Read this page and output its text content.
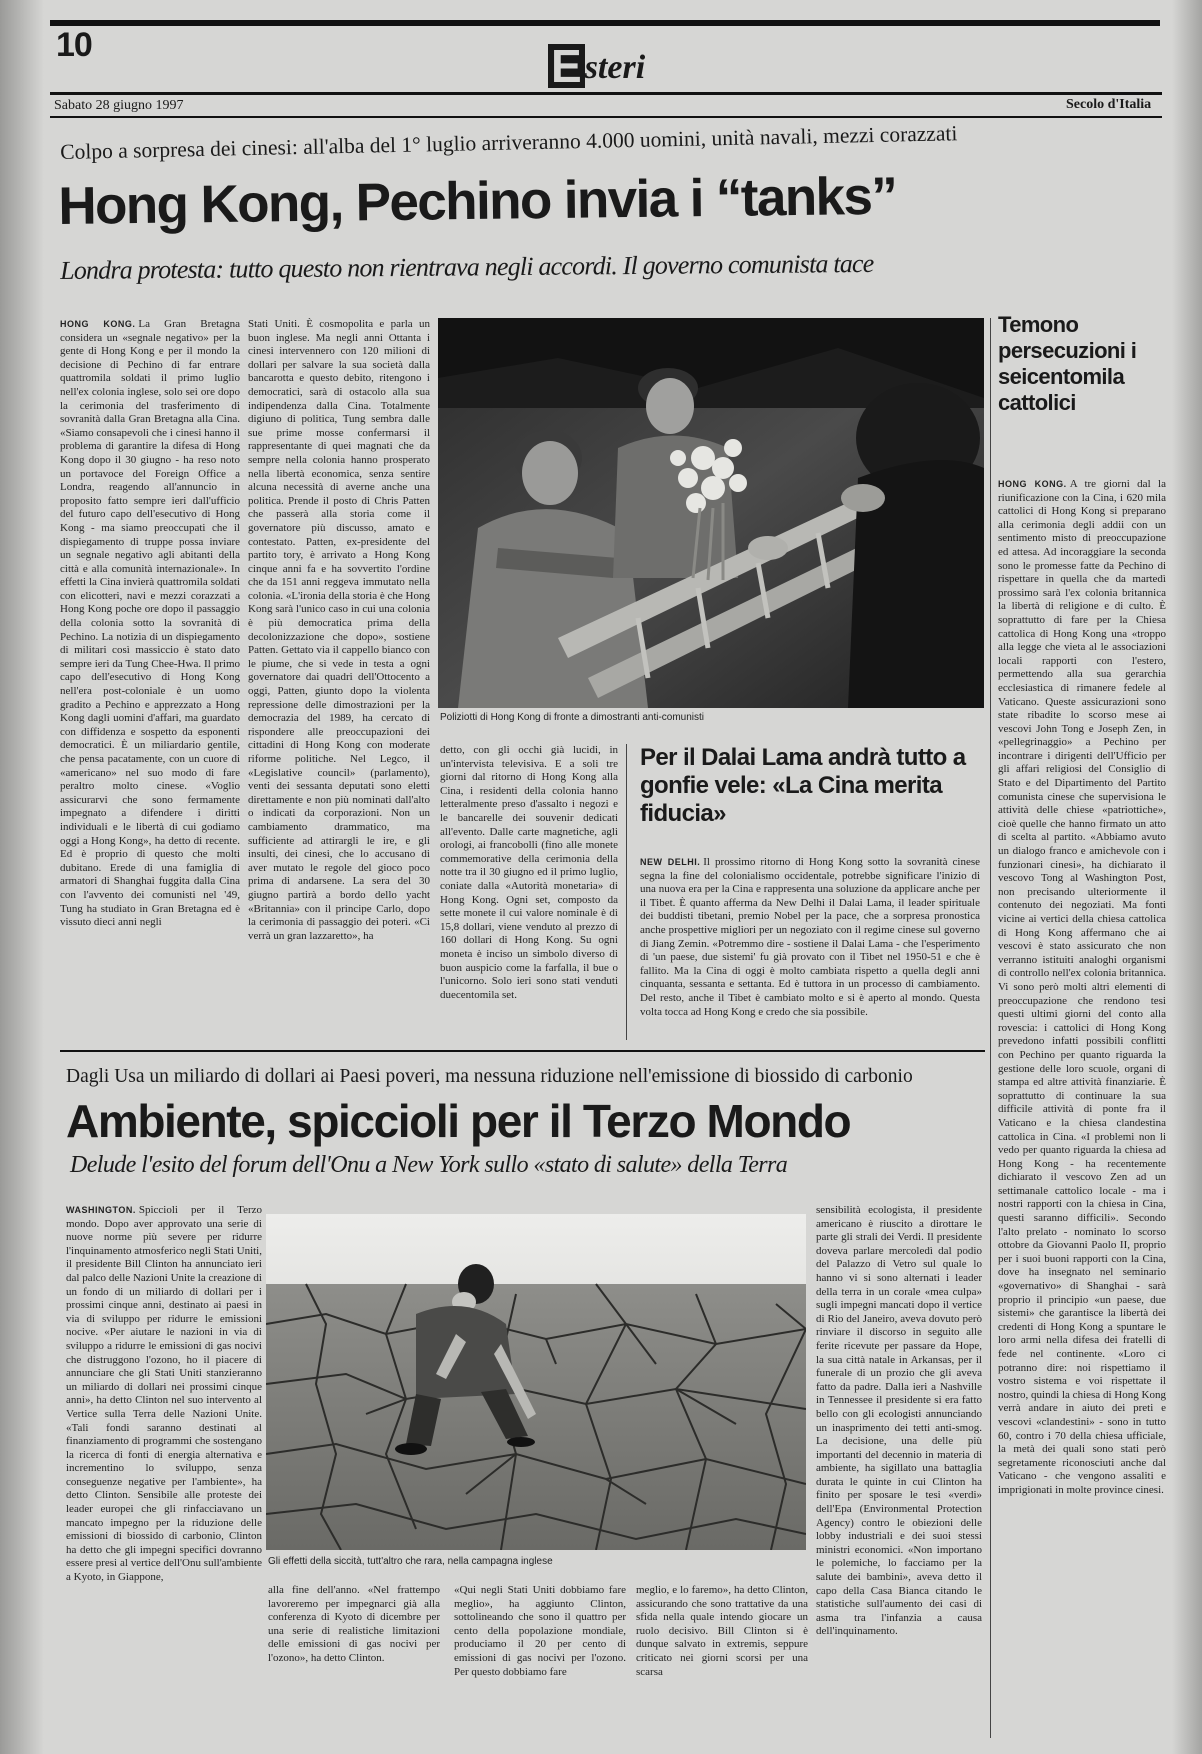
10	Esteri
Sabato 28 giugno 1997	Secolo d'Italia
Colpo a sorpresa dei cinesi: all'alba del 1° luglio arriveranno 4.000 uomini, unità navali, mezzi corazzati
Hong Kong, Pechino invia i “tanks”
Londra protesta: tutto questo non rientrava negli accordi. Il governo comunista tace

HONG KONG. La Gran Bretagna considera un «segnale negativo» per la gente di Hong Kong e per il mondo la decisione di Pechino di far entrare quattromila soldati il primo luglio nell'ex colonia inglese, solo sei ore dopo la cerimonia del trasferimento di sovranità dalla Gran Bretagna alla Cina. «Siamo consapevoli che i cinesi hanno il problema di garantire la difesa di Hong Kong dopo il 30 giugno - ha reso noto un portavoce del Foreign Office a Londra, reagendo all'annuncio in proposito fatto sempre ieri dall'ufficio del futuro capo dell'esecutivo di Hong Kong - ma siamo preoccupati che il dispiegamento di truppe possa inviare un segnale negativo agli abitanti della città e alla comunità internazionale». In effetti la Cina invierà quattromila soldati con elicotteri, navi e mezzi corazzati a Hong Kong poche ore dopo il passaggio della colonia sotto la sovranità di Pechino. La notizia di un dispiegamento di militari così massiccio è stato dato sempre ieri da Tung Chee-Hwa. Il primo capo dell'esecutivo di Hong Kong nell'era post-coloniale è un uomo gradito a Pechino e apprezzato a Hong Kong dagli uomini d'affari, ma guardato con diffidenza e sospetto da esponenti democratici. È un miliardario gentile, che pensa pacatamente, con un cuore di «americano» nel suo modo di fare peraltro molto cinese. «Voglio assicurarvi che sono fermamente impegnato a difendere i diritti individuali e le libertà di cui godiamo oggi a Hong Kong», ha detto di recente. Ed è proprio di questo che molti dubitano. Erede di una famiglia di armatori di Shanghai fuggita dalla Cina con l'avvento dei comunisti nel '49, Tung ha studiato in Gran Bretagna ed è vissuto dieci anni negli

Stati Uniti. È cosmopolita e parla un buon inglese. Ma negli anni Ottanta i cinesi intervennero con 120 milioni di dollari per salvare la sua società dalla bancarotta e questo debito, ritengono i democratici, sarà di ostacolo alla sua indipendenza dalla Cina. Totalmente digiuno di politica, Tung sembra dalle sue prime mosse confermarsi il rappresentante di quei magnati che da sempre nella colonia hanno prosperato nella libertà economica, senza sentire alcuna necessità di averne anche una politica. Prende il posto di Chris Patten che passerà alla storia come il governatore più discusso, amato e contestato. Patten, ex-presidente del partito tory, è arrivato a Hong Kong cinque anni fa e ha sovvertito l'ordine che da 151 anni reggeva immutato nella colonia. «L'ironia della storia è che Hong Kong sarà l'unico caso in cui una colonia è più democratica prima della decolonizzazione che dopo», sostiene Patten. Gettato via il cappello bianco con le piume, che si vede in testa a ogni governatore dai quadri dell'Ottocento a oggi, Patten, giunto dopo la violenta repressione delle dimostrazioni per la democrazia del 1989, ha cercato di rispondere alle preoccupazioni dei cittadini di Hong Kong con moderate riforme politiche. Nel Legco, il «Legislative council» (parlamento), venti dei sessanta deputati sono eletti direttamente e non più nominati dall'alto o indicati da corporazioni. Non un cambiamento drammatico, ma sufficiente ad attirargli le ire, e gli insulti, dei cinesi, che lo accusano di aver mutato le regole del gioco poco prima di andarsene. La sera del 30 giugno partirà a bordo dello yacht «Britannia» con il principe Carlo, dopo la cerimonia di passaggio dei poteri. «Ci verrà un gran lazzaretto», ha

Poliziotti di Hong Kong di fronte a dimostranti anti-comunisti

detto, con gli occhi già lucidi, in un'intervista televisiva. E a soli tre giorni dal ritorno di Hong Kong alla Cina, i residenti della colonia hanno letteralmente preso d'assalto i negozi e le bancarelle dei souvenir dedicati all'evento. Dalle carte magnetiche, agli orologi, ai francobolli (fino alle monete commemorative della cerimonia della notte tra il 30 giugno ed il primo luglio, coniate dalla «Autorità monetaria» di Hong Kong. Ogni set, composto da sette monete il cui valore nominale è di 15,8 dollari, viene venduto al prezzo di 160 dollari di Hong Kong. Su ogni moneta è inciso un simbolo diverso di buon auspicio come la farfalla, il bue o l'unicorno. Solo ieri sono stati venduti duecentomila set.

Per il Dalai Lama andrà tutto a gonfie vele: «La Cina merita fiducia»

NEW DELHI. Il prossimo ritorno di Hong Kong sotto la sovranità cinese segna la fine del colonialismo occidentale, potrebbe significare l'inizio di una nuova era per la Cina e rappresenta una soluzione da applicare anche per il Tibet. È quanto afferma da New Delhi il Dalai Lama, il leader spirituale dei buddisti tibetani, premio Nobel per la pace, che a sorpresa pronostica anche prospettive migliori per un negoziato con il regime cinese sul governo di Jiang Zemin. «Potremmo dire - sostiene il Dalai Lama - che l'esperimento di 'un paese, due sistemi' fu già provato con il Tibet nel 1950-51 e che è fallito. Ma la Cina di oggi è molto cambiata rispetto a quella degli anni cinquanta, sessanta e settanta. Ed è tuttora in un processo di cambiamento. Del resto, anche il Tibet è cambiato molto e si è aperto al mondo. Questa volta tocca ad Hong Kong e credo che sia possibile.

Temono persecuzioni i seicentomila cattolici

HONG KONG. A tre giorni dal la riunificazione con la Cina, i 620 mila cattolici di Hong Kong si preparano alla cerimonia degli addii con un sentimento misto di preoccupazione ed attesa. Ad incoraggiare la seconda sono le promesse fatte da Pechino di rispettare in quella che da martedì prossimo sarà l'ex colonia britannica la libertà di religione e di culto. È soprattutto di fare per la Chiesa cattolica di Hong Kong una «troppo alla legge che vieta al le associazioni locali rapporti con l'estero, permettendo alla sua gerarchia ecclesiastica di rimanere fedele al Vaticano. Queste assicurazioni sono state ribadite lo scorso mese ai vescovi John Tong e Joseph Zen, in «pellegrinaggio» a Pechino per incontrare i dirigenti dell'Ufficio per gli affari religiosi del Consiglio di Stato e del Dipartimento del Partito comunista cinese che supervisiona le attività delle chiese «patriottiche», cioè quelle che hanno firmato un atto di scelta al partito. «Abbiamo avuto un dialogo franco e amichevole con i funzionari cinesi», ha dichiarato il vescovo Tong al Washington Post, non precisando ulteriormente il contenuto dei negoziati. Ma fonti vicine ai vertici della chiesa cattolica di Hong Kong affermano che ai vescovi è stato assicurato che non verranno istituiti analoghi organismi di controllo nell'ex colonia britannica. Vi sono però molti altri elementi di preoccupazione che rendono tesi questi ultimi giorni del conto alla rovescia: i cattolici di Hong Kong prevedono infatti possibili conflitti con Pechino per quanto riguarda la gestione delle loro scuole, organi di stampa ed altre attività finanziarie. È soprattutto di continuare la sua difficile attività di ponte fra il Vaticano e la chiesa clandestina cattolica in Cina. «I problemi non li vedo per quanto riguarda la chiesa ad Hong Kong - ha recentemente dichiarato il vescovo Zen ad un settimanale cattolico locale - ma i nostri rapporti con la chiesa in Cina, questi saranno difficili». Secondo l'alto prelato - nominato lo scorso ottobre da Giovanni Paolo II, proprio per i suoi buoni rapporti con la Cina, dove ha insegnato nel seminario «governativo» di Shanghai - sarà proprio il principio «un paese, due sistemi» che garantisce la libertà dei credenti di Hong Kong a spuntare le loro armi nella difesa dei fratelli di fede nel continente. «Loro ci potranno dire: noi rispettiamo il vostro sistema e voi rispettate il nostro, quindi la chiesa di Hong Kong verrà andare in aiuto dei preti e vescovi «clandestini» - sono in tutto 60, contro i 70 della chiesa ufficiale, la metà dei quali sono stati però segretamente riconosciuti anche dal Vaticano - che vengono assaliti e imprigionati in molte province cinesi.

Dagli Usa un miliardo di dollari ai Paesi poveri, ma nessuna riduzione nell'emissione di biossido di carbonio
Ambiente, spiccioli per il Terzo Mondo
Delude l'esito del forum dell'Onu a New York sullo «stato di salute» della Terra

WASHINGTON. Spiccioli per il Terzo mondo. Dopo aver approvato una serie di nuove norme più severe per ridurre l'inquinamento atmosferico negli Stati Uniti, il presidente Bill Clinton ha annunciato ieri dal palco delle Nazioni Unite la creazione di un fondo di un miliardo di dollari per i prossimi cinque anni, destinato ai paesi in via di sviluppo per ridurre le emissioni nocive. «Per aiutare le nazioni in via di sviluppo a ridurre le emissioni di gas nocivi che distruggono l'ozono, ho il piacere di annunciare che gli Stati Uniti stanzieranno un miliardo di dollari nei prossimi cinque anni», ha detto Clinton nel suo intervento al Vertice sulla Terra delle Nazioni Unite. «Tali fondi saranno destinati al finanziamento di programmi che sostengano la ricerca di fonti di energia alternativa e incrementino lo sviluppo, senza conseguenze negative per l'ambiente», ha detto Clinton. Sensibile alle proteste dei leader europei che gli rinfacciavano un mancato impegno per la riduzione delle emissioni di biossido di carbonio, Clinton ha detto che gli impegni specifici dovranno essere presi al vertice dell'Onu sull'ambiente a Kyoto, in Giappone,

Gli effetti della siccità, tutt'altro che rara, nella campagna inglese

alla fine dell'anno. «Nel frattempo lavoreremo per impegnarci già alla conferenza di Kyoto di dicembre per una serie di realistiche limitazioni delle emissioni di gas nocivi per l'ozono», ha detto Clinton.

«Qui negli Stati Uniti dobbiamo fare meglio», ha aggiunto Clinton, sottolineando che sono il quattro per cento della popolazione mondiale, produciamo il 20 per cento di emissioni di gas nocivi per l'ozono. Per questo dobbiamo fare

meglio, e lo faremo», ha detto Clinton, assicurando che sono trattative da una sfida nella quale intendo giocare un ruolo decisivo. Bill Clinton si è dunque salvato in extremis, seppure criticato nei giorni scorsi per una scarsa

sensibilità ecologista, il presidente americano è riuscito a dirottare le parte gli strali dei Verdi. Il presidente doveva parlare mercoledì dal podio del Palazzo di Vetro sul quale lo hanno vi si sono alternati i leader della terra in un corale «mea culpa» sugli impegni mancati dopo il vertice di Rio del Janeiro, aveva dovuto però rinviare il discorso in seguito alle ferite ricevute per passare da Hope, la sua città natale in Arkansas, per il funerale di un prozio che gli aveva fatto da padre. Dalla ieri a Nashville in Tennessee il presidente si era fatto bello con gli ecologisti annunciando un inasprimento dei tetti anti-smog. La decisione, una delle più importanti del decennio in materia di ambiente, ha sigillato una battaglia durata le quinte in cui Clinton ha finito per sposare le tesi «verdi» dell'Epa (Environmental Protection Agency) contro le obiezioni delle lobby industriali e dei suoi stessi ministri economici. «Non importano le polemiche, lo facciamo per la salute dei bambini», aveva detto il capo della Casa Bianca citando le statistiche sull'aumento dei casi di asma tra l'infanzia a causa dell'inquinamento.
